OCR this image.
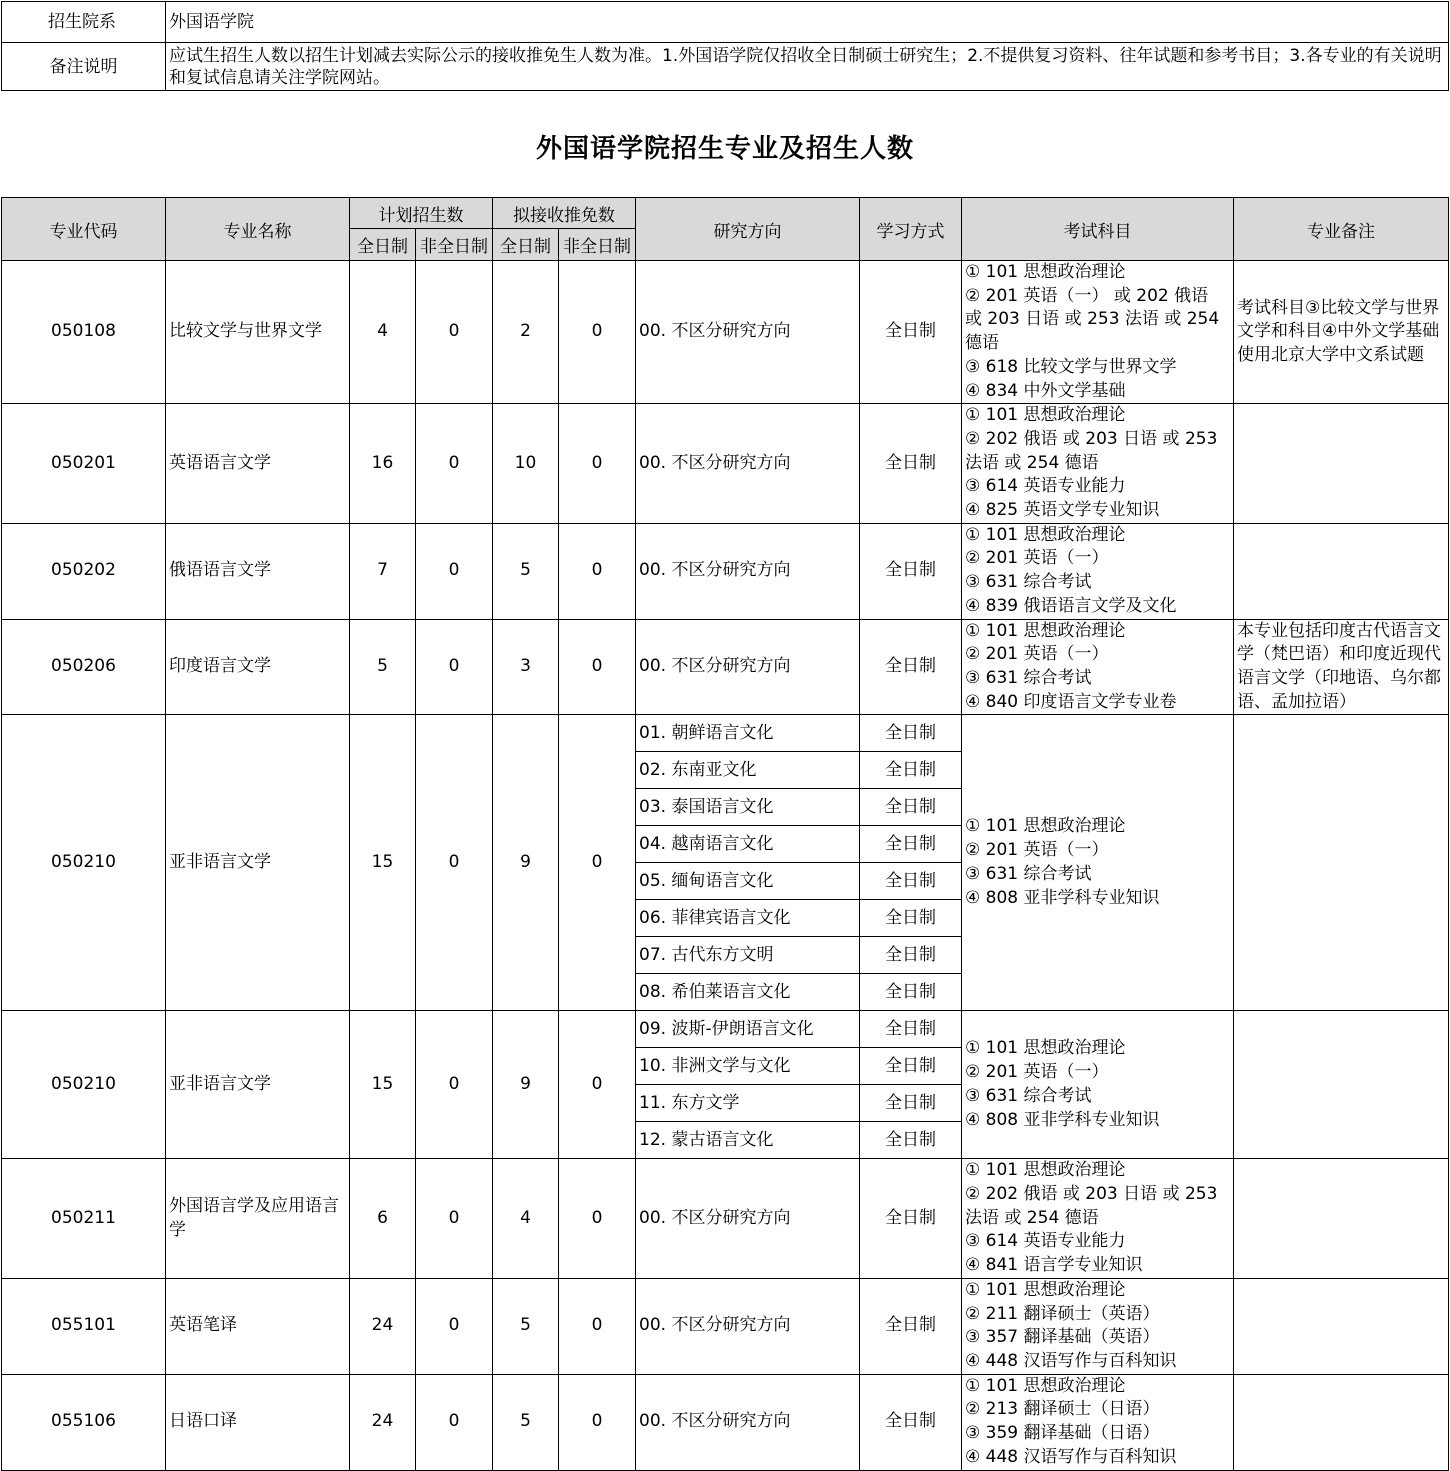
招生院系	外国语学院
备注说明	应试生招生人数以招生计划减去实际公示的接收推免生人数为准。1.外国语学院仅招收全日制硕士研究生；2.不提供复习资料、往年试题和参考书目；3.各专业的有关说明和复试信息请关注学院网站。
外国语学院招生专业及招生人数
专业代码	专业名称	计划招生数		拟接收推免数		研究方向	学习方式	考试科目	专业备注
		全日制	非全日制	全日制	非全日制				
050108	比较文学与世界文学	4	0	2	0	00. 不区分研究方向	全日制	① 101 思想政治理论
② 201 英语（一） 或 202 俄语 或 203 日语 或 253 法语 或 254 德语
③ 618 比较文学与世界文学
④ 834 中外文学基础	考试科目③比较文学与世界文学和科目④中外文学基础使用北京大学中文系试题
050201	英语语言文学	16	0	10	0	00. 不区分研究方向	全日制	① 101 思想政治理论
② 202 俄语 或 203 日语 或 253 法语 或 254 德语
③ 614 英语专业能力
④ 825 英语文学专业知识	

050202	俄语语言文学	7	0	5	0	00. 不区分研究方向	全日制	① 101 思想政治理论
② 201 英语（一）
③ 631 综合考试
④ 839 俄语语言文学及文化	

050206	印度语言文学	5	0	3	0	00. 不区分研究方向	全日制	① 101 思想政治理论
② 201 英语（一）
③ 631 综合考试
④ 840 印度语言文学专业卷	本专业包括印度古代语言文学（梵巴语）和印度近现代语言文学（印地语、乌尔都语、孟加拉语）
050210	亚非语言文学	15	0	9	0	01. 朝鲜语言文化	全日制	① 101 思想政治理论
② 201 英语（一）
③ 631 综合考试
④ 808 亚非学科专业知识	

						02. 东南亚文化	全日制		
						03. 泰国语言文化	全日制		
						04. 越南语言文化	全日制		
						05. 缅甸语言文化	全日制		
						06. 菲律宾语言文化	全日制		
						07. 古代东方文明	全日制		
						08. 希伯莱语言文化	全日制		
050210	亚非语言文学	15	0	9	0	09. 波斯-伊朗语言文化	全日制	① 101 思想政治理论
② 201 英语（一）
③ 631 综合考试
④ 808 亚非学科专业知识	

						10. 非洲文学与文化	全日制		
						11. 东方文学	全日制		
						12. 蒙古语言文化	全日制		
050211	外国语言学及应用语言学	6	0	4	0	00. 不区分研究方向	全日制	① 101 思想政治理论
② 202 俄语 或 203 日语 或 253 法语 或 254 德语
③ 614 英语专业能力
④ 841 语言学专业知识	

055101	英语笔译	24	0	5	0	00. 不区分研究方向	全日制	① 101 思想政治理论
② 211 翻译硕士（英语）
③ 357 翻译基础（英语）
④ 448 汉语写作与百科知识	

055106	日语口译	24	0	5	0	00. 不区分研究方向	全日制	① 101 思想政治理论
② 213 翻译硕士（日语）
③ 359 翻译基础（日语）
④ 448 汉语写作与百科知识	
